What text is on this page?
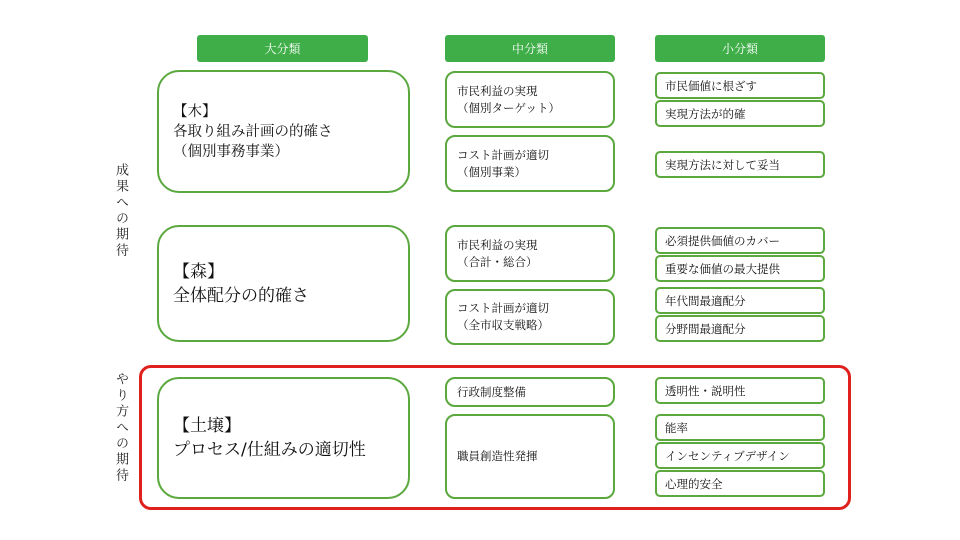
大分類	中分類	小分類
成果への期待
やり方への期待
【木】
各取り組み計画の的確さ
（個別事務事業）
【森】
全体配分の的確さ
【土壌】
プロセス/仕組みの適切性
市民利益の実現
（個別ターゲット）
コスト計画が適切
（個別事業）
市民利益の実現
（合計・総合）
コスト計画が適切
（全市収支戦略）
行政制度整備
職員創造性発揮
市民価値に根ざす
実現方法が的確
実現方法に対して妥当
必須提供価値のカバー
重要な価値の最大提供
年代間最適配分
分野間最適配分
透明性・説明性
能率
インセンティブデザイン
心理的安全
